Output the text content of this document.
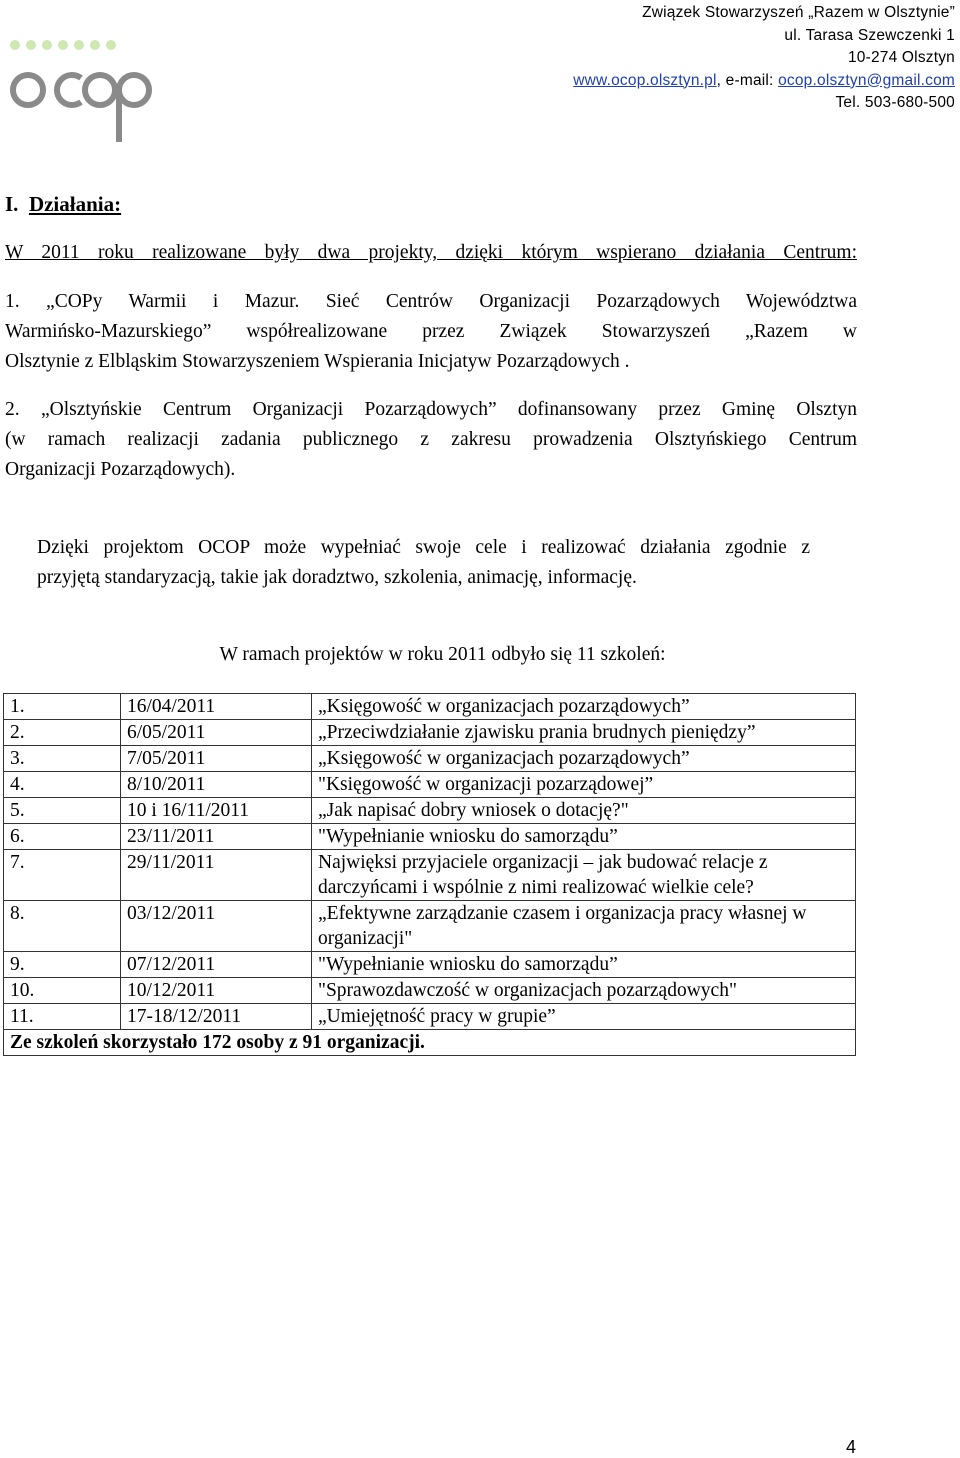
Związek Stowarzyszeń „Razem w Olsztynie”
ul. Tarasa Szewczenki 1
10-274 Olsztyn
www.ocop.olsztyn.pl, e-mail: ocop.olsztyn@gmail.com
Tel. 503-680-500
I. Działania:
W 2011 roku realizowane były dwa projekty, dzięki którym wspierano działania Centrum:
1. „COPy Warmii i Mazur. Sieć Centrów Organizacji Pozarządowych Województwa
Warmińsko-Mazurskiego” współrealizowane przez Związek Stowarzyszeń „Razem w
Olsztynie z Elbląskim Stowarzyszeniem Wspierania Inicjatyw Pozarządowych .
2. „Olsztyńskie Centrum Organizacji Pozarządowych” dofinansowany przez Gminę Olsztyn
(w ramach realizacji zadania publicznego z zakresu prowadzenia Olsztyńskiego Centrum
Organizacji Pozarządowych).
Dzięki projektom OCOP może wypełniać swoje cele i realizować działania zgodnie z
przyjętą standaryzacją, takie jak doradztwo, szkolenia, animację, informację.
W ramach projektów w roku 2011 odbyło się 11 szkoleń:
1.	16/04/2011	„Księgowość w organizacjach pozarządowych”
2.	6/05/2011	„Przeciwdziałanie zjawisku prania brudnych pieniędzy”
3.	7/05/2011	„Księgowość w organizacjach pozarządowych”
4.	8/10/2011	"Księgowość w organizacji pozarządowej”
5.	10 i 16/11/2011	„Jak napisać dobry wniosek o dotację?"
6.	23/11/2011	"Wypełnianie wniosku do samorządu”
7.	29/11/2011	Najwięksi przyjaciele organizacji – jak budować relacje z darczyńcami i wspólnie z nimi realizować wielkie cele?
8.	03/12/2011	„Efektywne zarządzanie czasem i organizacja pracy własnej w organizacji"
9.	07/12/2011	"Wypełnianie wniosku do samorządu”
10.	10/12/2011	"Sprawozdawczość w organizacjach pozarządowych"
11.	17-18/12/2011	„Umiejętność pracy w grupie”
Ze szkoleń skorzystało 172 osoby z 91 organizacji.		
4
